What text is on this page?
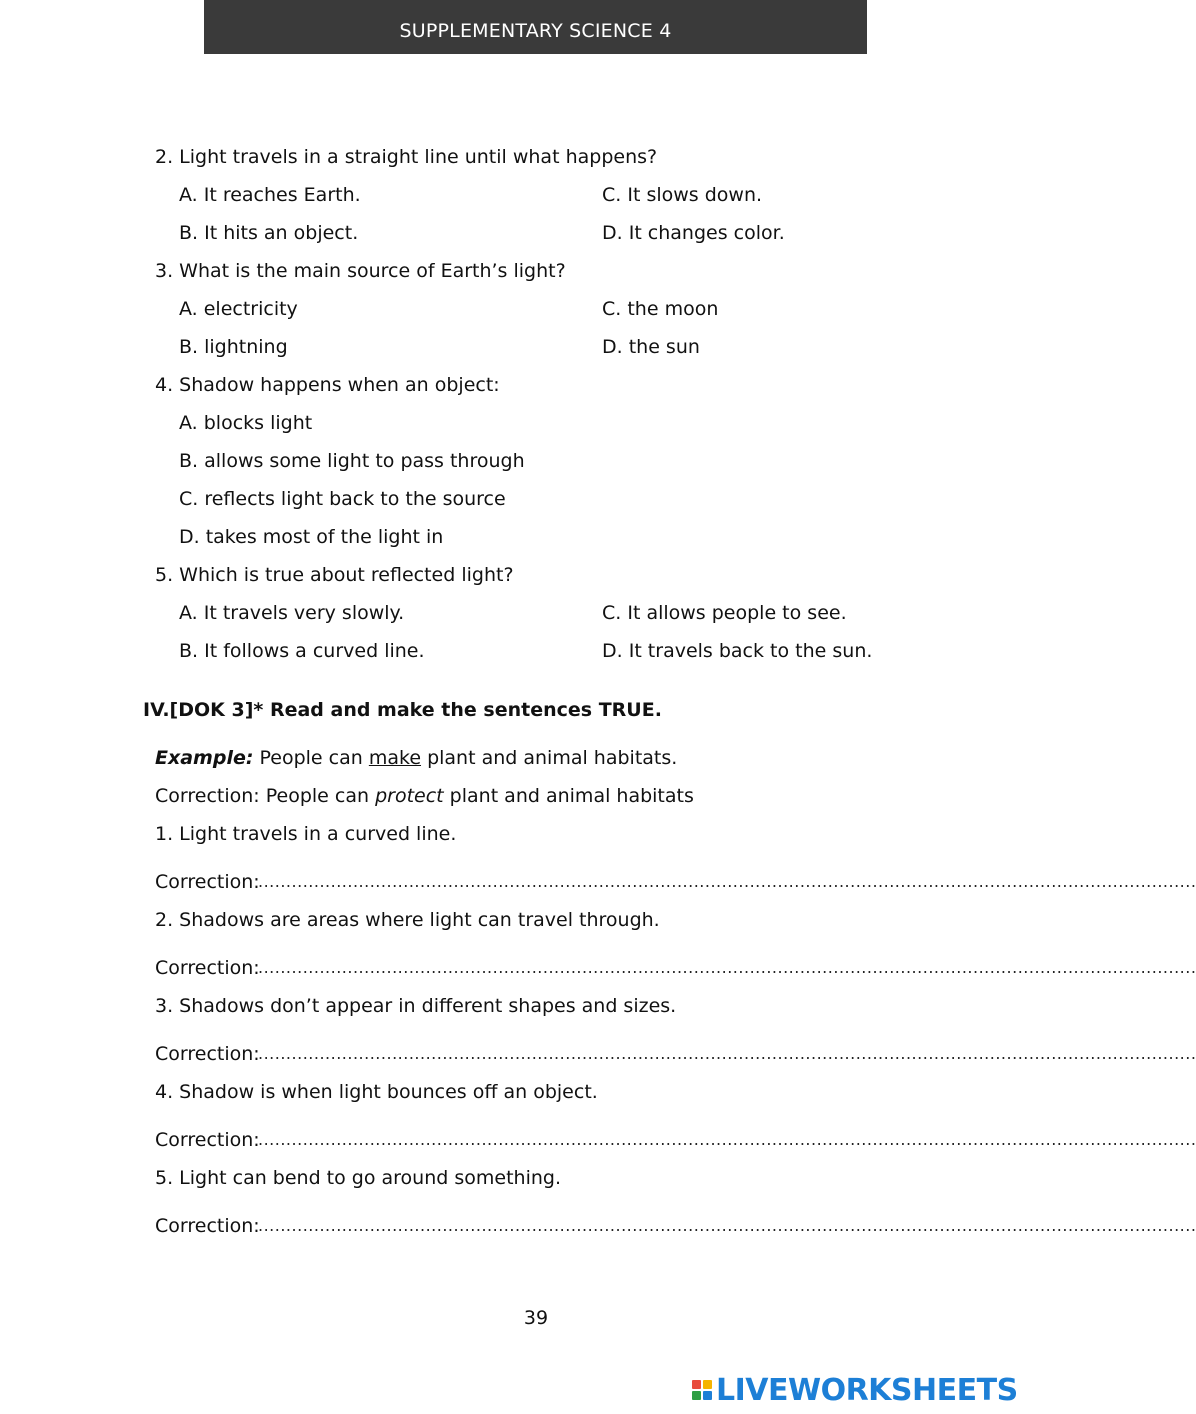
SUPPLEMENTARY SCIENCE 4
2. Light travels in a straight line until what happens?
A. It reaches Earth.	C. It slows down.
B. It hits an object.	D. It changes color.
3. What is the main source of Earth’s light?
A. electricity	C. the moon
B. lightning	D. the sun
4. Shadow happens when an object:
A. blocks light
B. allows some light to pass through
C. reflects light back to the source
D. takes most of the light in
5. Which is true about reflected light?
A. It travels very slowly.	C. It allows people to see.
B. It follows a curved line.	D. It travels back to the sun.
IV.[DOK 3]* Read and make the sentences TRUE.
Example: People can make plant and animal habitats.
Correction: People can protect plant and animal habitats
1. Light travels in a curved line.
Correction:
........................................................................................................................................................................
2. Shadows are areas where light can travel through.
Correction:
........................................................................................................................................................................
3. Shadows don’t appear in different shapes and sizes.
Correction:
........................................................................................................................................................................
4. Shadow is when light bounces off an object.
Correction:
........................................................................................................................................................................
5. Light can bend to go around something.
Correction:
........................................................................................................................................................................
39
LIVEWORKSHEETS
